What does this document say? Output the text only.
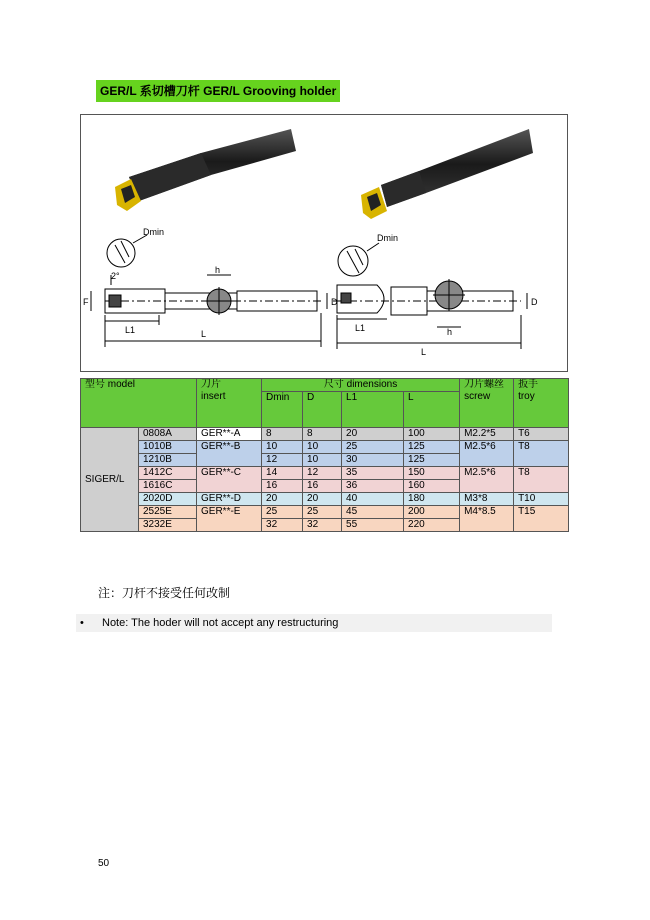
GER/L 系切槽刀杆 GER/L Grooving holder
Dmin
2°
h
D
F
L1	L
Dmin
h
D
L1
L
型号 model		刀片
insert	尺寸 dimensions				刀片螺丝
screw	扳手
troy
			Dmin	D	L1	L		
SIGER/L	0808A	GER**-A	8	8	20	100	M2.2*5	T6
	1010B	GER**-B	10	10	25	125	M2.5*6	T8
	1210B		12	10	30	125		
	1412C	GER**-C	14	12	35	150	M2.5*6	T8
	1616C		16	16	36	160		
	2020D	GER**-D	20	20	40	180	M3*8	T10
	2525E	GER**-E	25	25	45	200	M4*8.5	T15
	3232E		32	32	55	220		
注：刀杆不接受任何改制
• Note: The hoder will not accept any restructuring
50
